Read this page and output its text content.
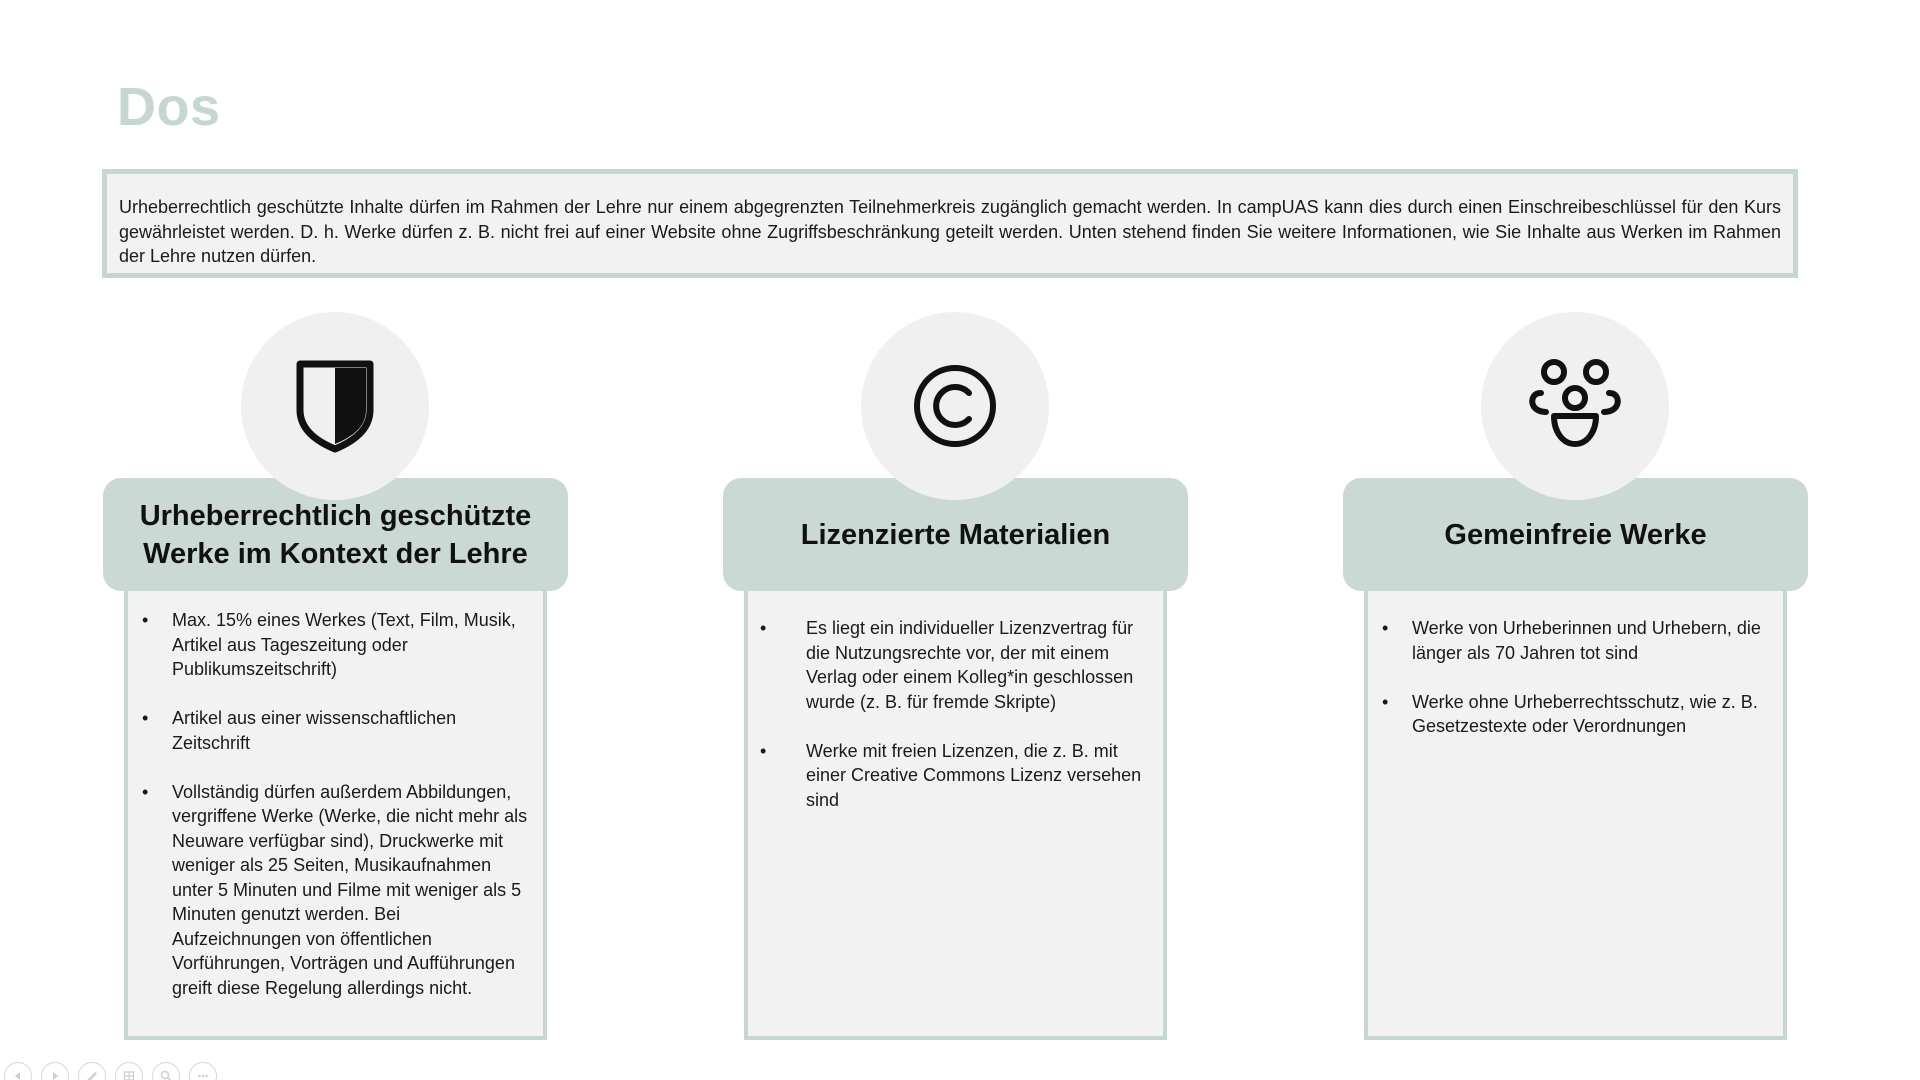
Dos
Urheberrechtlich geschützte Inhalte dürfen im Rahmen der Lehre nur einem abgegrenzten Teilnehmerkreis zugänglich gemacht werden. In campUAS kann dies durch einen Einschreibeschlüssel für den Kurs gewährleistet werden. D. h. Werke dürfen z. B. nicht frei auf einer Website ohne Zugriffsbeschränkung geteilt werden. Unten stehend finden Sie weitere Informationen, wie Sie Inhalte aus Werken im Rahmen der Lehre nutzen dürfen.
• Max. 15% eines Werkes (Text, Film, Musik, Artikel aus Tageszeitung oder Publikumszeitschrift)
• Artikel aus einer wissenschaftlichen Zeitschrift
• Vollständig dürfen außerdem Abbildungen, vergriffene Werke (Werke, die nicht mehr als Neuware verfügbar sind), Druckwerke mit weniger als 25 Seiten, Musikaufnahmen unter 5 Minuten und Filme mit weniger als 5 Minuten genutzt werden. Bei Aufzeichnungen von öffentlichen Vorführungen, Vorträgen und Aufführungen greift diese Regelung allerdings nicht.
Urheberrechtlich geschützte Werke im Kontext der Lehre
• Es liegt ein individueller Lizenzvertrag für die Nutzungsrechte vor, der mit einem Verlag oder einem Kolleg*in geschlossen wurde (z. B. für fremde Skripte)
• Werke mit freien Lizenzen, die z. B. mit einer Creative Commons Lizenz versehen sind
Lizenzierte Materialien
• Werke von Urheberinnen und Urhebern, die länger als 70 Jahren tot sind
• Werke ohne Urheberrechtsschutz, wie z. B. Gesetzestexte oder Verordnungen
Gemeinfreie Werke
